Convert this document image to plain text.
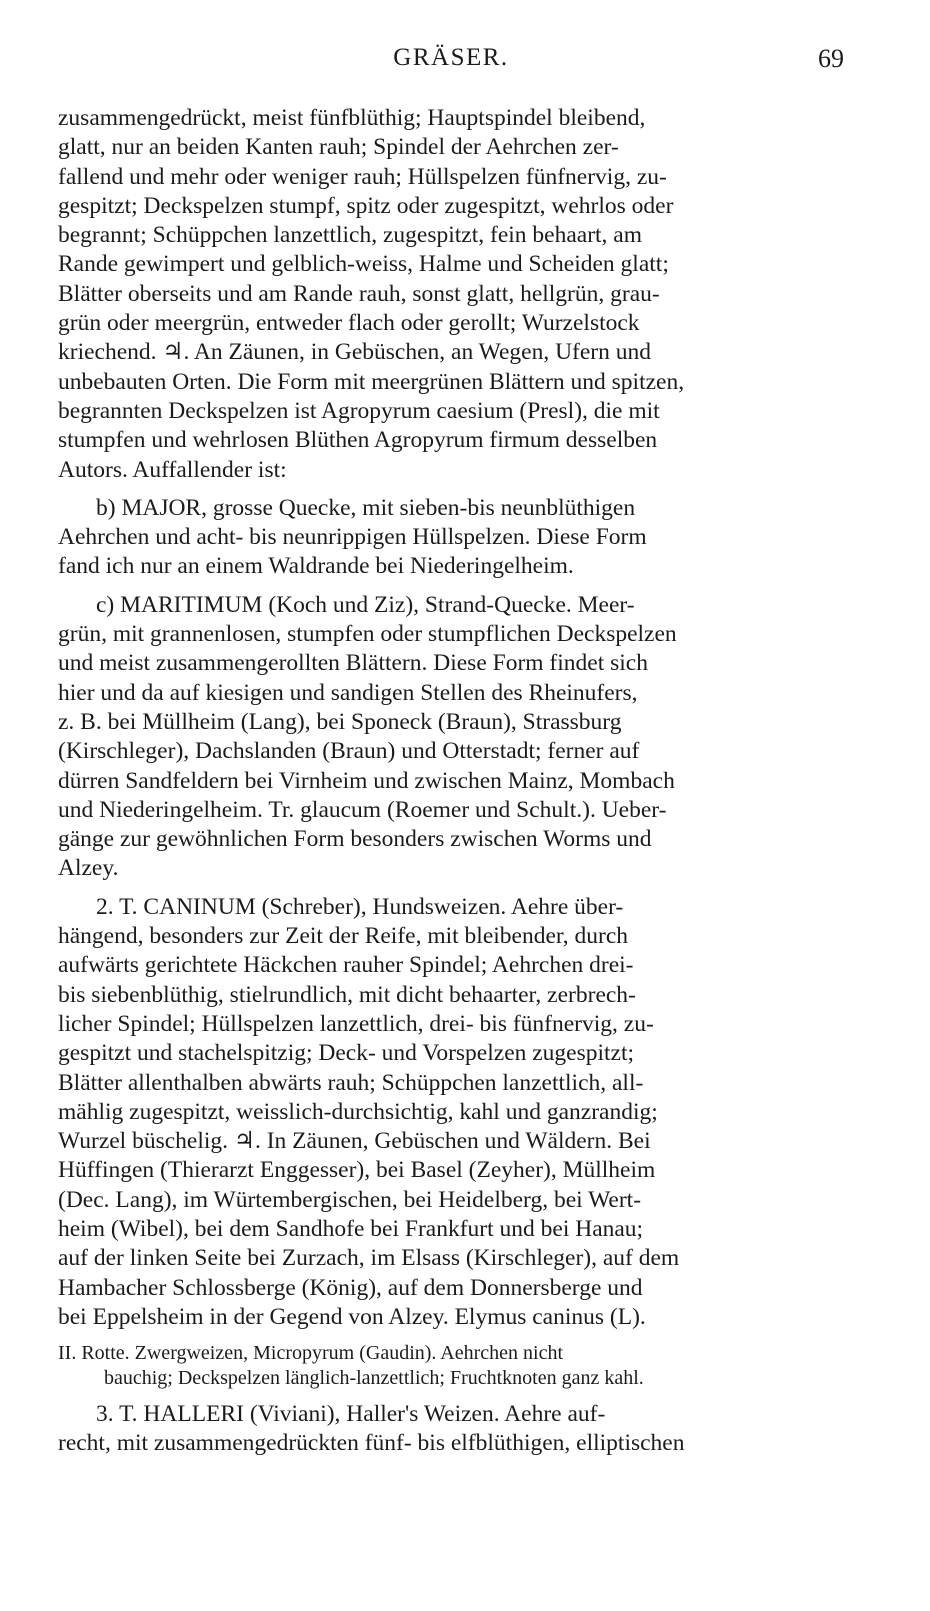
GRÄSER.	69
zusammengedrückt, meist fünfblüthig; Hauptspindel bleibend,
glatt, nur an beiden Kanten rauh; Spindel der Aehrchen zer-
fallend und mehr oder weniger rauh; Hüllspelzen fünfnervig, zu-
gespitzt; Deckspelzen stumpf, spitz oder zugespitzt, wehrlos oder
begrannt; Schüppchen lanzettlich, zugespitzt, fein behaart, am
Rande gewimpert und gelblich-weiss, Halme und Scheiden glatt;
Blätter oberseits und am Rande rauh, sonst glatt, hellgrün, grau-
grün oder meergrün, entweder flach oder gerollt; Wurzelstock
kriechend. ♃. An Zäunen, in Gebüschen, an Wegen, Ufern und
unbebauten Orten. Die Form mit meergrünen Blättern und spitzen,
begrannten Deckspelzen ist Agropyrum caesium (Presl), die mit
stumpfen und wehrlosen Blüthen Agropyrum firmum desselben
Autors. Auffallender ist:
b) MAJOR, grosse Quecke, mit sieben-bis neunblüthigen
Aehrchen und acht- bis neunrippigen Hüllspelzen. Diese Form
fand ich nur an einem Waldrande bei Niederingelheim.
c) MARITIMUM (Koch und Ziz), Strand-Quecke. Meer-
grün, mit grannenlosen, stumpfen oder stumpflichen Deckspelzen
und meist zusammengerollten Blättern. Diese Form findet sich
hier und da auf kiesigen und sandigen Stellen des Rheinufers,
z. B. bei Müllheim (Lang), bei Sponeck (Braun), Strassburg
(Kirschleger), Dachslanden (Braun) und Otterstadt; ferner auf
dürren Sandfeldern bei Virnheim und zwischen Mainz, Mombach
und Niederingelheim. Tr. glaucum (Roemer und Schult.). Ueber-
gänge zur gewöhnlichen Form besonders zwischen Worms und
Alzey.
2. T. CANINUM (Schreber), Hundsweizen. Aehre über-
hängend, besonders zur Zeit der Reife, mit bleibender, durch
aufwärts gerichtete Häckchen rauher Spindel; Aehrchen drei-
bis siebenblüthig, stielrundlich, mit dicht behaarter, zerbrech-
licher Spindel; Hüllspelzen lanzettlich, drei- bis fünfnervig, zu-
gespitzt und stachelspitzig; Deck- und Vorspelzen zugespitzt;
Blätter allenthalben abwärts rauh; Schüppchen lanzettlich, all-
mählig zugespitzt, weisslich-durchsichtig, kahl und ganzrandig;
Wurzel büschelig. ♃. In Zäunen, Gebüschen und Wäldern. Bei
Hüffingen (Thierarzt Enggesser), bei Basel (Zeyher), Müllheim
(Dec. Lang), im Würtembergischen, bei Heidelberg, bei Wert-
heim (Wibel), bei dem Sandhofe bei Frankfurt und bei Hanau;
auf der linken Seite bei Zurzach, im Elsass (Kirschleger), auf dem
Hambacher Schlossberge (König), auf dem Donnersberge und
bei Eppelsheim in der Gegend von Alzey. Elymus caninus (L).
II. Rotte. Zwergweizen, Micropyrum (Gaudin). Aehrchen nicht
bauchig; Deckspelzen länglich-lanzettlich; Fruchtknoten ganz kahl.
3. T. HALLERI (Viviani), Haller's Weizen. Aehre auf-
recht, mit zusammengedrückten fünf- bis elfblüthigen, elliptischen
